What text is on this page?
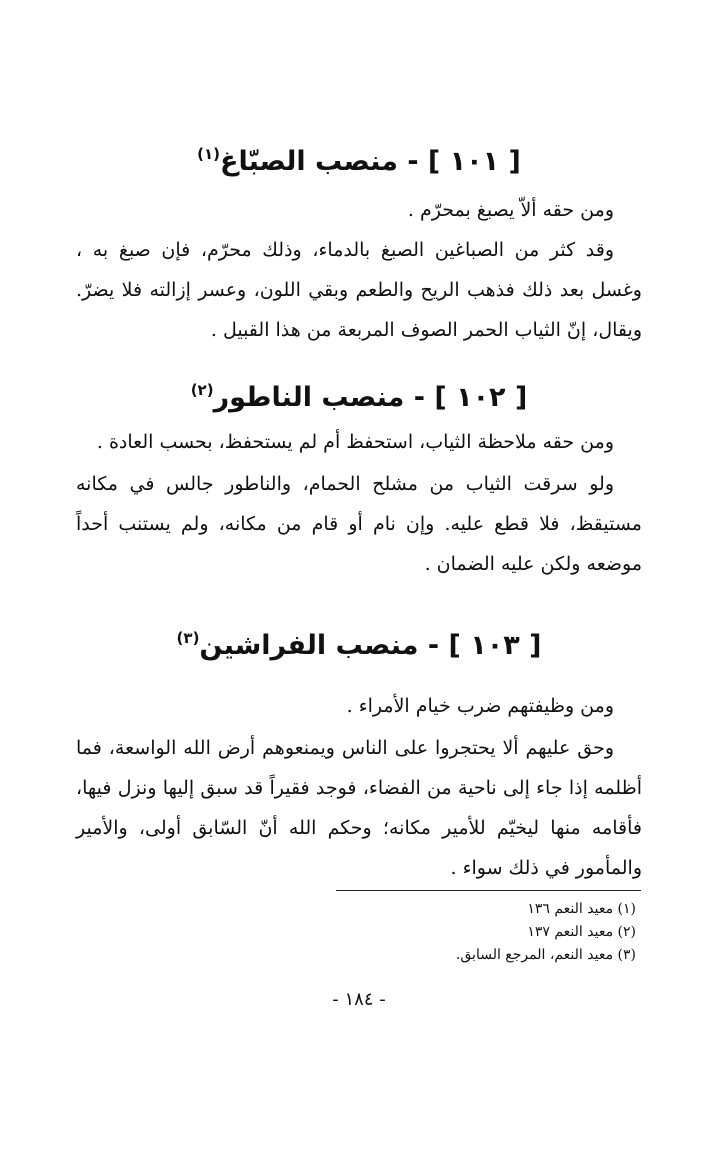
[ ١٠١ ] - منصب الصبّاغ$^{(١)}$

ومن حقه ألاّ يصبغ بمحرّم .

وقد كثر من الصباغين الصبغ بالدماء، وذلك محرّم، فإن صبغ به ، وغسل بعد ذلك فذهب الريح والطعم وبقي اللون، وعسر إزالته فلا يضرّ. ويقال، إنّ الثياب الحمر الصوف المربعة من هذا القبيل .

[ ١٠٢ ] - منصب الناطور$^{(٢)}$

ومن حقه ملاحظة الثياب، استحفظ أم لم يستحفظ، بحسب العادة .

ولو سرقت الثياب من مشلح الحمام، والناطور جالس في مكانه مستيقظ، فلا قطع عليه. وإن نام أو قام من مكانه، ولم يستنب أحداً موضعه ولكن عليه الضمان .

[ ١٠٣ ] - منصب الفراشين$^{(٣)}$

ومن وظيفتهم ضرب خيام الأمراء .

وحق عليهم ألا يحتجروا على الناس ويمنعوهم أرض الله الواسعة، فما أظلمه إذا جاء إلى ناحية من الفضاء، فوجد فقيراً قد سبق إليها ونزل فيها، فأقامه منها ليخيّم للأمير مكانه؛ وحكم الله أنّ السّابق أولى، والأمير والمأمور في ذلك سواء .

(١) معيد النعم ١٣٦
(٢) معيد النعم ١٣٧
(٣) معيد النعم، المرجع السابق.
- ١٨٤ -
